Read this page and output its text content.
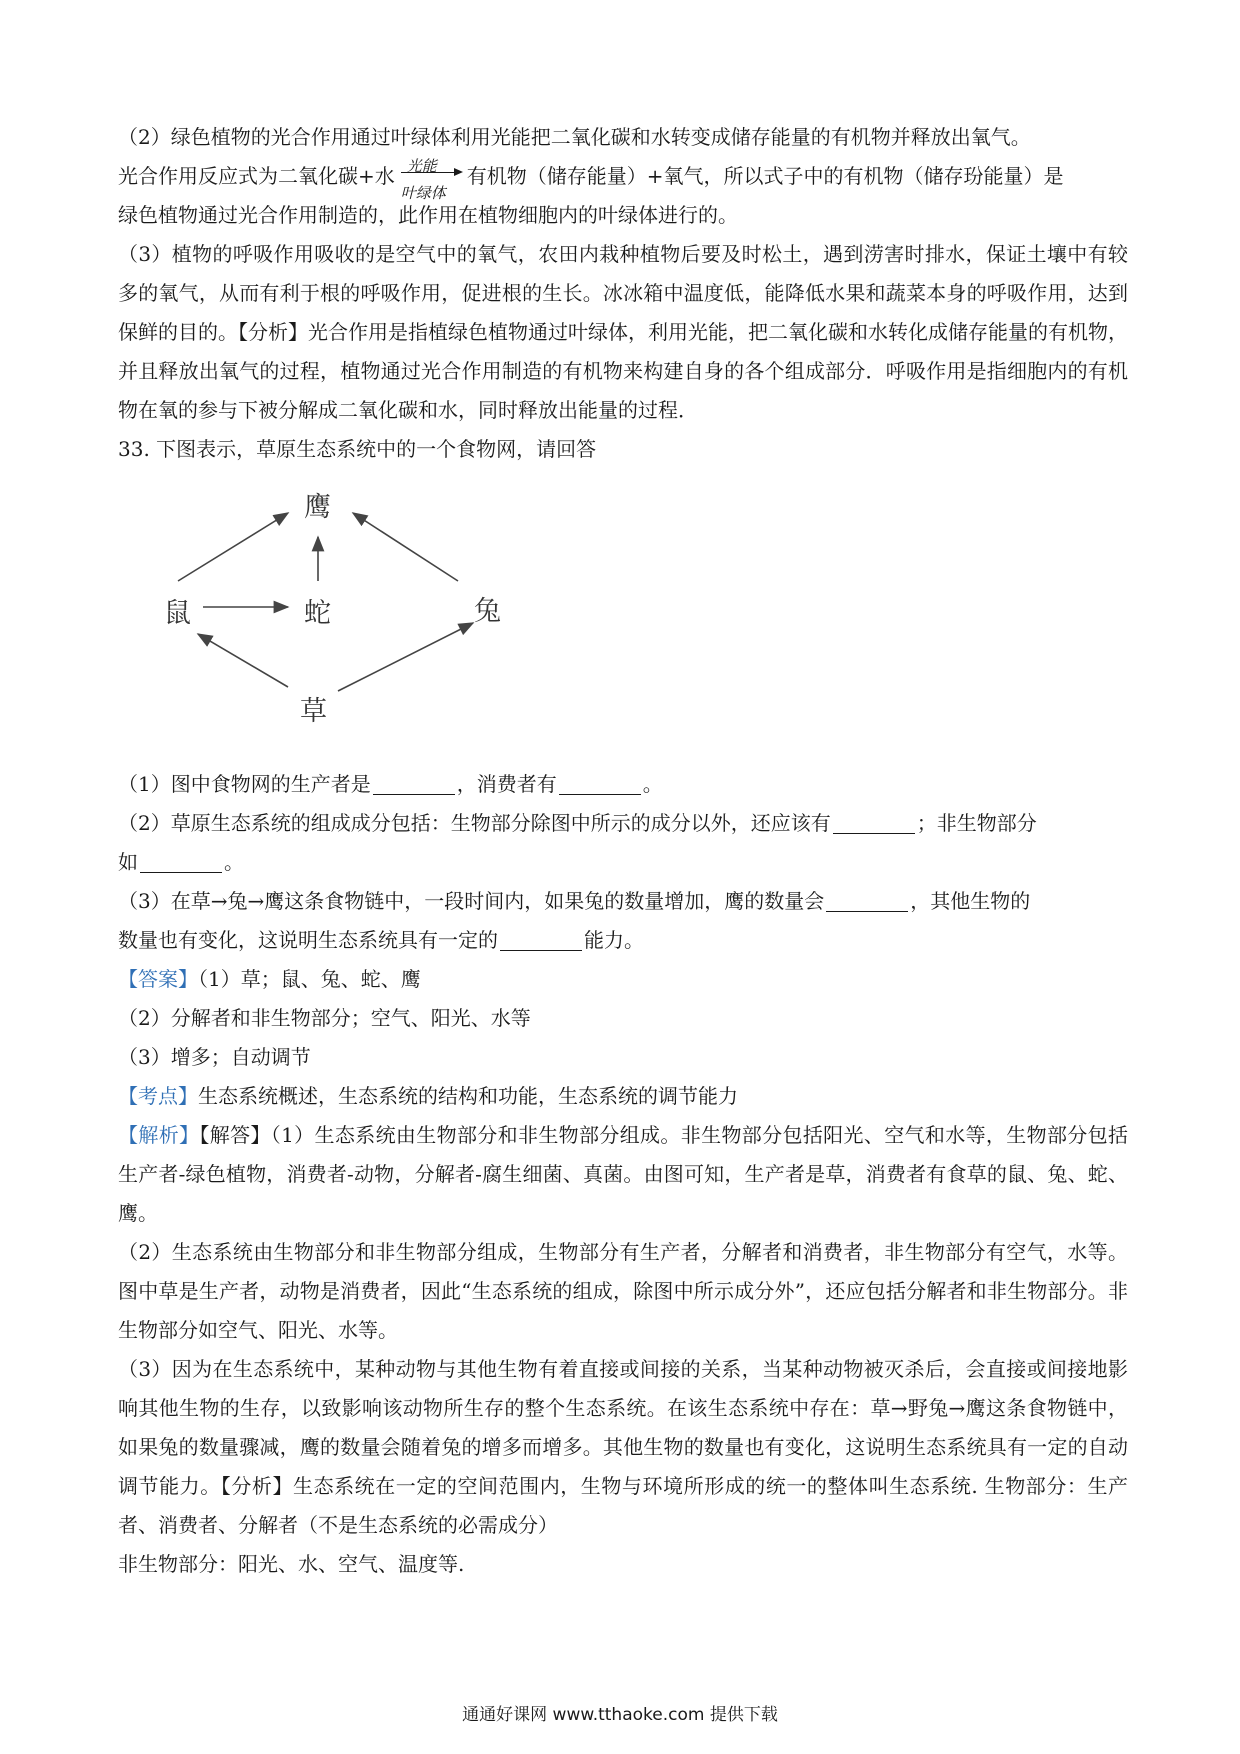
（2）绿色植物的光合作用通过叶绿体利用光能把二氧化碳和水转变成储存能量的有机物并释放出氧气。

光合作用反应式为二氧化碳+水 光能
叶绿体
有机物（储存能量）+氧气，所以式子中的有机物（储存玢能量）是

绿色植物通过光合作用制造的，此作用在植物细胞内的叶绿体进行的。

（3）植物的呼吸作用吸收的是空气中的氧气，农田内栽种植物后要及时松土，遇到涝害时排水，保证土壤中有较多的氧气，从而有利于根的呼吸作用，促进根的生长。冰冰箱中温度低，能降低水果和蔬菜本身的呼吸作用，达到保鲜的目的。【分析】光合作用是指植绿色植物通过叶绿体，利用光能，把二氧化碳和水转化成储存能量的有机物，并且释放出氧气的过程，植物通过光合作用制造的有机物来构建自身的各个组成部分．呼吸作用是指细胞内的有机物在氧的参与下被分解成二氧化碳和水，同时释放出能量的过程．

33. 下图表示，草原生态系统中的一个食物网，请回答

鹰
鼠	蛇	兔
草

（1）图中食物网的生产者是	，消费者有	。

（2）草原生态系统的组成成分包括：生物部分除图中所示的成分以外，还应该有	；非生物部分
如	。

（3）在草→兔→鹰这条食物链中，一段时间内，如果兔的数量增加，鹰的数量会	，其他生物的
数量也有变化，这说明生态系统具有一定的	能力。

【答案】（1）草；鼠、兔、蛇、鹰

（2）分解者和非生物部分；空气、阳光、水等

（3）增多；自动调节

【考点】生态系统概述，生态系统的结构和功能，生态系统的调节能力

【解析】【解答】（1）生态系统由生物部分和非生物部分组成。非生物部分包括阳光、空气和水等，生物部分包括生产者-绿色植物，消费者-动物，分解者-腐生细菌、真菌。由图可知，生产者是草，消费者有食草的鼠、兔、蛇、鹰。

（2）生态系统由生物部分和非生物部分组成，生物部分有生产者，分解者和消费者，非生物部分有空气，水等。图中草是生产者，动物是消费者，因此“生态系统的组成，除图中所示成分外”，还应包括分解者和非生物部分。非生物部分如空气、阳光、水等。

（3）因为在生态系统中，某种动物与其他生物有着直接或间接的关系，当某种动物被灭杀后，会直接或间接地影响其他生物的生存，以致影响该动物所生存的整个生态系统。在该生态系统中存在：草→野兔→鹰这条食物链中，如果兔的数量骤减，鹰的数量会随着兔的增多而增多。其他生物的数量也有变化，这说明生态系统具有一定的自动调节能力。【分析】生态系统在一定的空间范围内，生物与环境所形成的统一的整体叫生态系统. 生物部分：生产者、消费者、分解者（不是生态系统的必需成分）

非生物部分：阳光、水、空气、温度等.

通通好课网 www.tthaoke.com 提供下载
